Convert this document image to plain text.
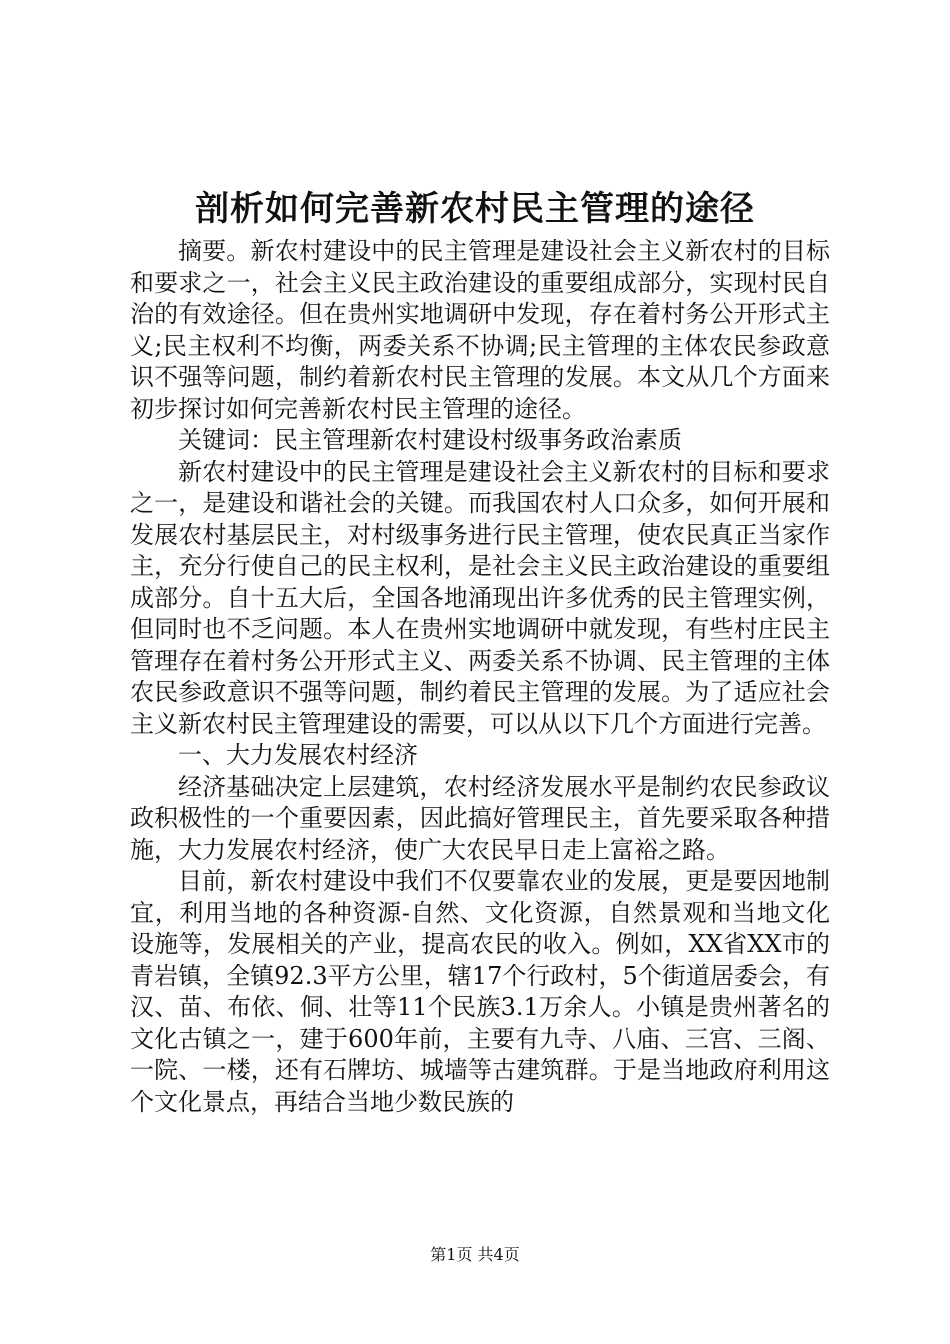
剖析如何完善新农村民主管理的途径

摘要。新农村建设中的民主管理是建设社会主义新农村的目标和要求之一，社会主义民主政治建设的重要组成部分，实现村民自治的有效途径。但在贵州实地调研中发现，存在着村务公开形式主义;民主权利不均衡，两委关系不协调;民主管理的主体农民参政意识不强等问题，制约着新农村民主管理的发展。本文从几个方面来初步探讨如何完善新农村民主管理的途径。

关键词：民主管理新农村建设村级事务政治素质

新农村建设中的民主管理是建设社会主义新农村的目标和要求之一，是建设和谐社会的关键。而我国农村人口众多，如何开展和发展农村基层民主，对村级事务进行民主管理，使农民真正当家作主，充分行使自己的民主权利，是社会主义民主政治建设的重要组成部分。自十五大后，全国各地涌现出许多优秀的民主管理实例，但同时也不乏问题。本人在贵州实地调研中就发现，有些村庄民主管理存在着村务公开形式主义、两委关系不协调、民主管理的主体农民参政意识不强等问题，制约着民主管理的发展。为了适应社会主义新农村民主管理建设的需要，可以从以下几个方面进行完善。

一、大力发展农村经济

经济基础决定上层建筑，农村经济发展水平是制约农民参政议政积极性的一个重要因素，因此搞好管理民主，首先要采取各种措施，大力发展农村经济，使广大农民早日走上富裕之路。

目前，新农村建设中我们不仅要靠农业的发展，更是要因地制宜，利用当地的各种资源-自然、文化资源，自然景观和当地文化设施等，发展相关的产业，提高农民的收入。例如，XX省XX市的青岩镇，全镇92.3平方公里，辖17个行政村，5个街道居委会，有汉、苗、布依、侗、壮等11个民族3.1万余人。小镇是贵州著名的文化古镇之一，建于600年前，主要有九寺、八庙、三宫、三阁、一院、一楼，还有石牌坊、城墙等古建筑群。于是当地政府利用这个文化景点，再结合当地少数民族的

第1页 共4页
